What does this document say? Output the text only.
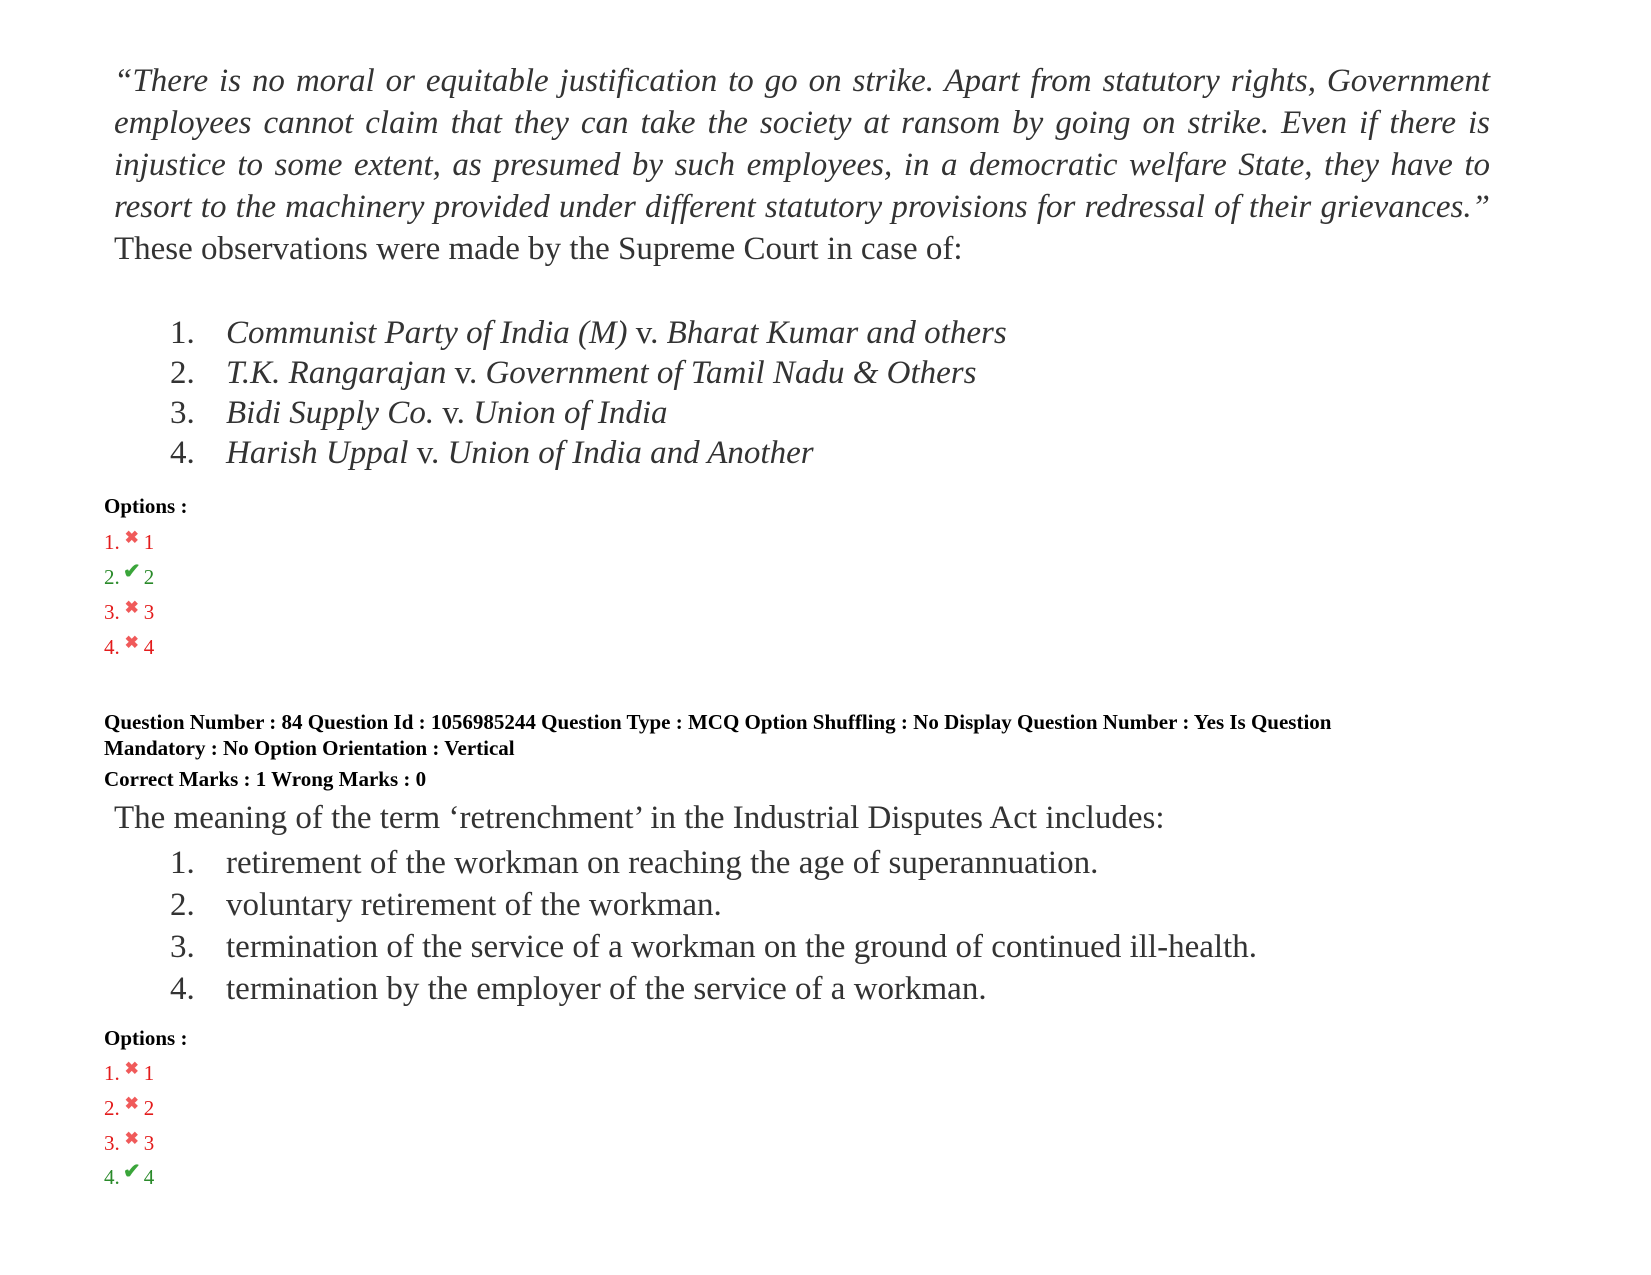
“There is no moral or equitable justification to go on strike. Apart from statutory rights, Government employees cannot claim that they can take the society at ransom by going on strike. Even if there is injustice to some extent, as presumed by such employees, in a democratic welfare State, they have to resort to the machinery provided under different statutory provisions for redressal of their grievances.” These observations were made by the Supreme Court in case of:
1. Communist Party of India (M) v. Bharat Kumar and others
2. T.K. Rangarajan v. Government of Tamil Nadu & Others
3. Bidi Supply Co. v. Union of India
4. Harish Uppal v. Union of India and Another
Options :
1. ✖ 1
2. ✔ 2
3. ✖ 3
4. ✖ 4
Question Number : 84 Question Id : 1056985244 Question Type : MCQ Option Shuffling : No Display Question Number : Yes Is Question
Mandatory : No Option Orientation : Vertical
Correct Marks : 1 Wrong Marks : 0
The meaning of the term ‘retrenchment’ in the Industrial Disputes Act includes:
1. retirement of the workman on reaching the age of superannuation.
2. voluntary retirement of the workman.
3. termination of the service of a workman on the ground of continued ill-health.
4. termination by the employer of the service of a workman.
Options :
1. ✖ 1
2. ✖ 2
3. ✖ 3
4. ✔ 4
